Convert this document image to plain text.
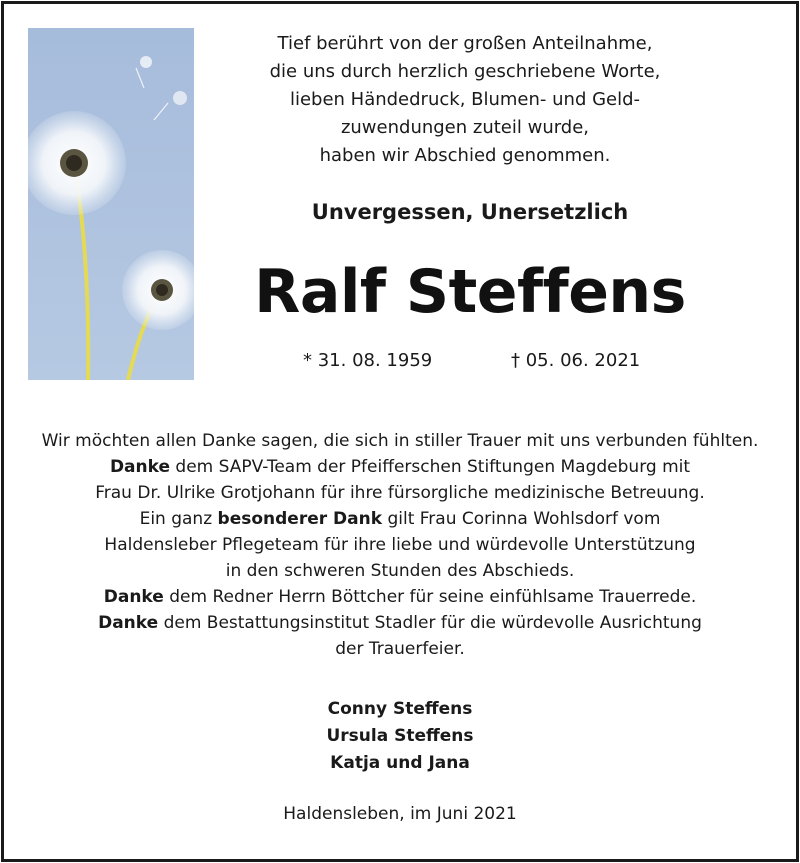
Tief berührt von der großen Anteilnahme,
die uns durch herzlich geschriebene Worte,
lieben Händedruck, Blumen- und Geld-
zuwendungen zuteil wurde,
haben wir Abschied genommen.
Unvergessen, Unersetzlich
Ralf Steffens
* 31. 08. 1959	† 05. 06. 2021
Wir möchten allen Danke sagen, die sich in stiller Trauer mit uns verbunden fühlten.
Danke dem SAPV-Team der Pfeifferschen Stiftungen Magdeburg mit
Frau Dr. Ulrike Grotjohann für ihre fürsorgliche medizinische Betreuung.
Ein ganz besonderer Dank gilt Frau Corinna Wohlsdorf vom
Haldensleber Pflegeteam für ihre liebe und würdevolle Unterstützung
in den schweren Stunden des Abschieds.
Danke dem Redner Herrn Böttcher für seine einfühlsame Trauerrede.
Danke dem Bestattungsinstitut Stadler für die würdevolle Ausrichtung
der Trauerfeier.
Conny Steffens
Ursula Steffens
Katja und Jana
Haldensleben, im Juni 2021
